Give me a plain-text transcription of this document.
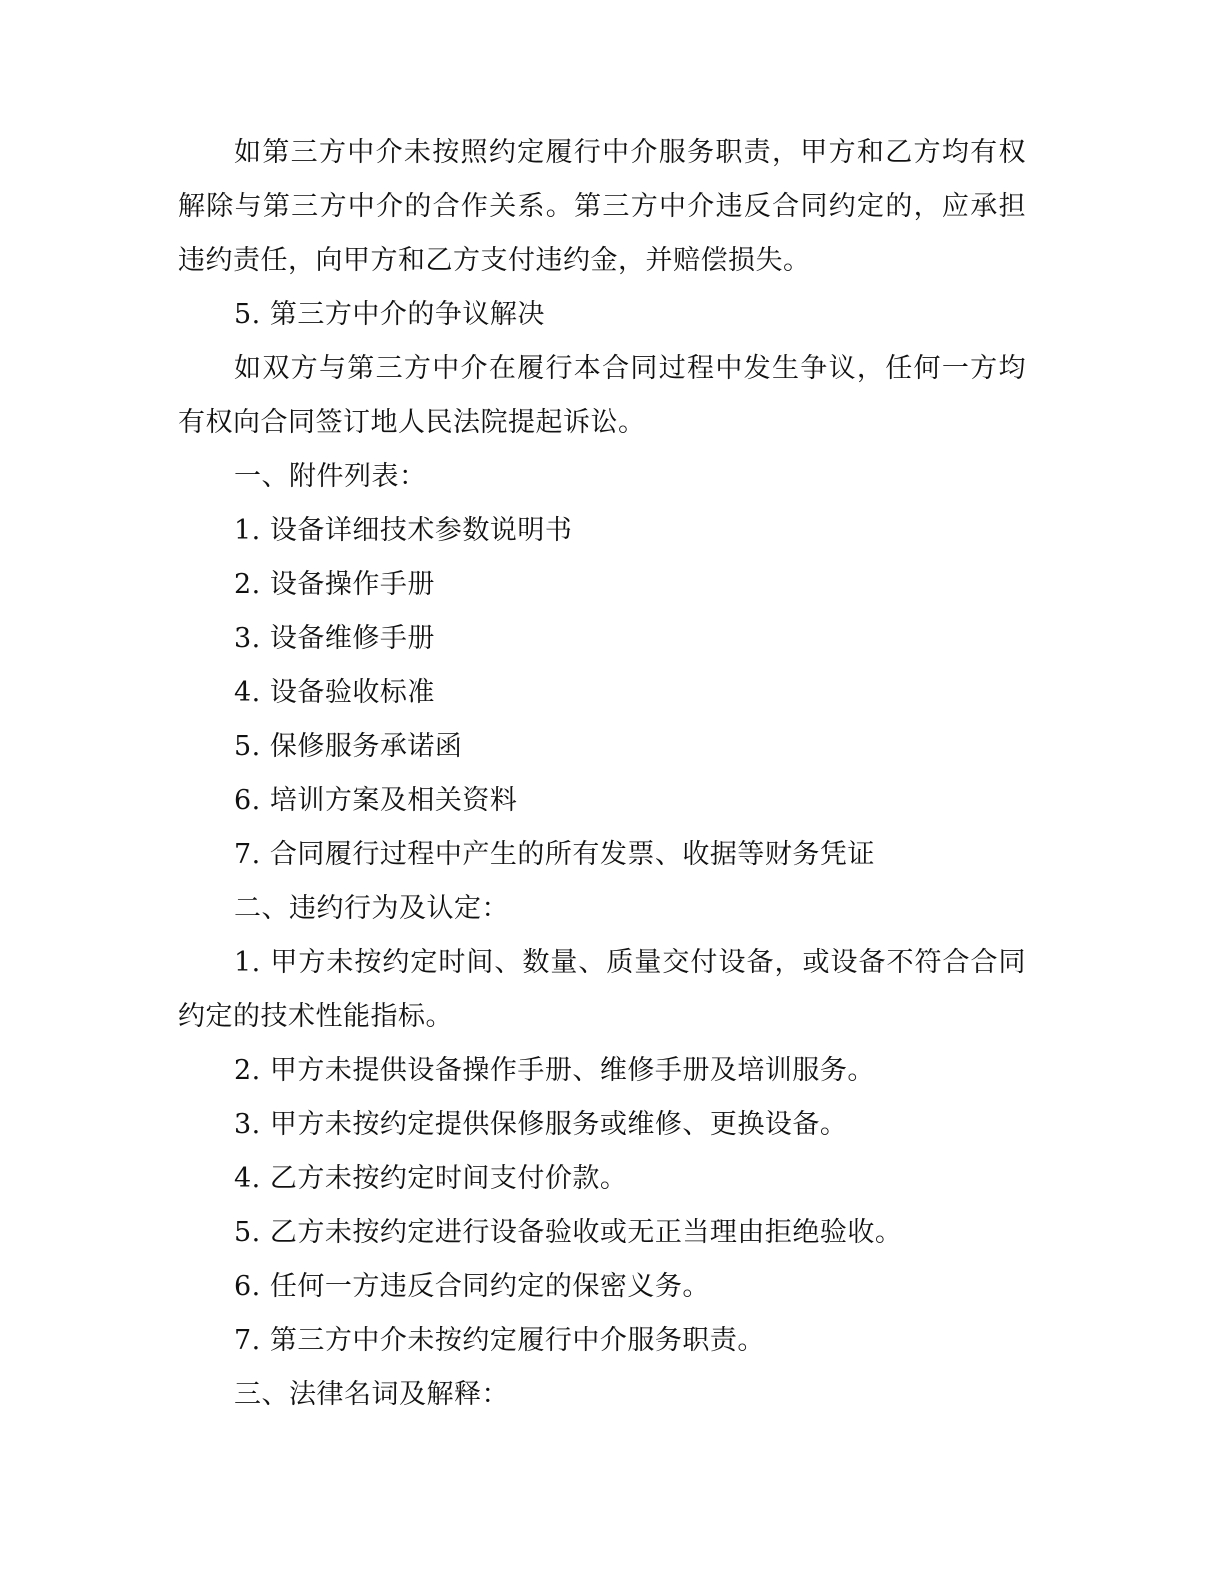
如第三方中介未按照约定履行中介服务职责，甲方和乙方均有权解除与第三方中介的合作关系。第三方中介违反合同约定的，应承担违约责任，向甲方和乙方支付违约金，并赔偿损失。

5. 第三方中介的争议解决

如双方与第三方中介在履行本合同过程中发生争议，任何一方均有权向合同签订地人民法院提起诉讼。

一、附件列表：

1. 设备详细技术参数说明书

2. 设备操作手册

3. 设备维修手册

4. 设备验收标准

5. 保修服务承诺函

6. 培训方案及相关资料

7. 合同履行过程中产生的所有发票、收据等财务凭证

二、违约行为及认定：

1. 甲方未按约定时间、数量、质量交付设备，或设备不符合合同约定的技术性能指标。

2. 甲方未提供设备操作手册、维修手册及培训服务。

3. 甲方未按约定提供保修服务或维修、更换设备。

4. 乙方未按约定时间支付价款。

5. 乙方未按约定进行设备验收或无正当理由拒绝验收。

6. 任何一方违反合同约定的保密义务。

7. 第三方中介未按约定履行中介服务职责。

三、法律名词及解释：
